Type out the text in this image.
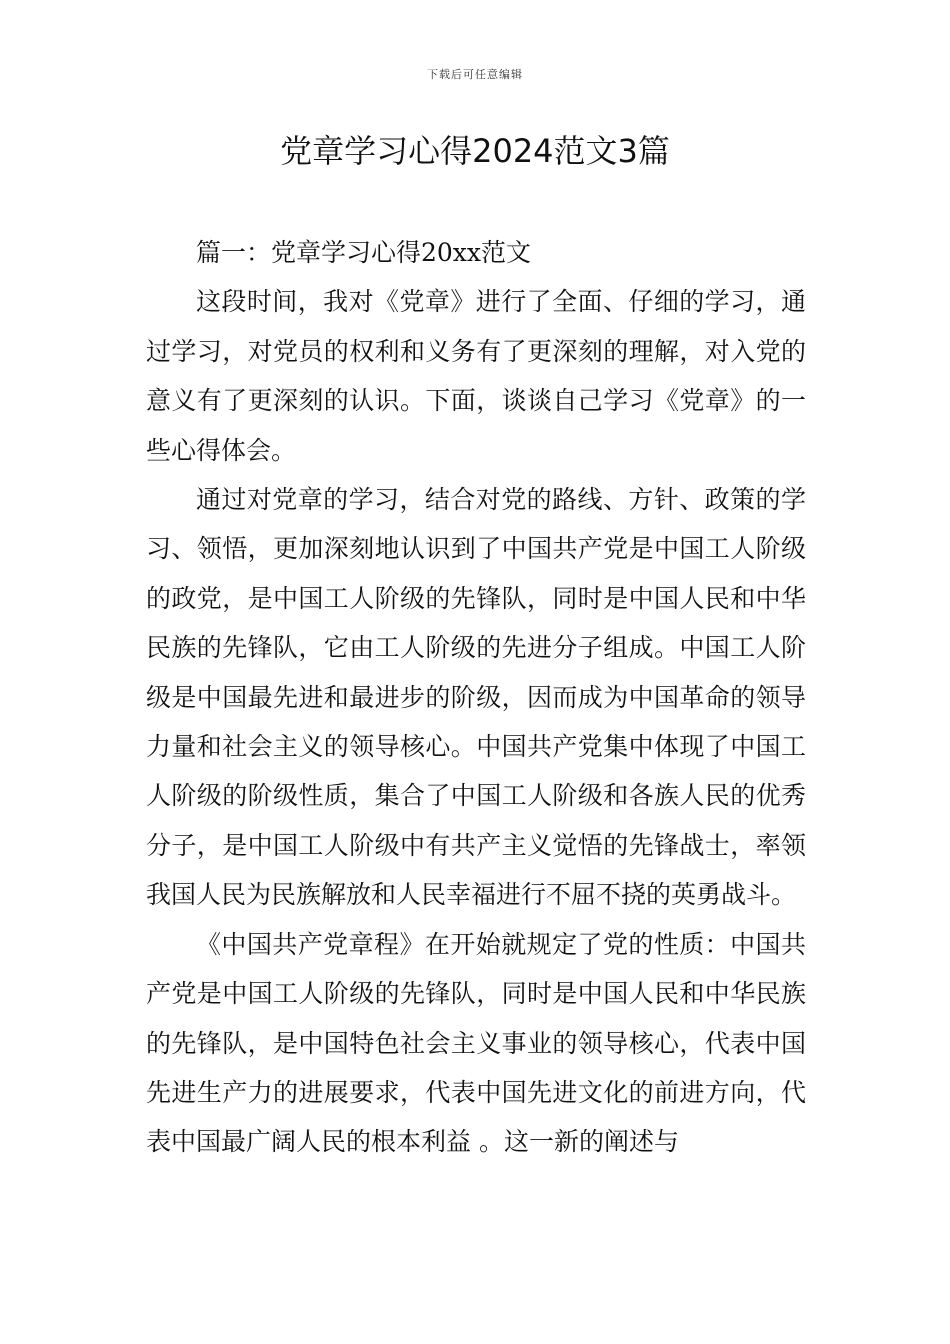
下载后可任意编辑
党章学习心得2024范文3篇

篇一：党章学习心得20xx范文

这段时间，我对《党章》进行了全面、仔细的学习，通过学习，对党员的权利和义务有了更深刻的理解，对入党的意义有了更深刻的认识。下面，谈谈自己学习《党章》的一些心得体会。

通过对党章的学习，结合对党的路线、方针、政策的学习、领悟，更加深刻地认识到了中国共产党是中国工人阶级的政党，是中国工人阶级的先锋队，同时是中国人民和中华民族的先锋队，它由工人阶级的先进分子组成。中国工人阶级是中国最先进和最进步的阶级，因而成为中国革命的领导力量和社会主义的领导核心。中国共产党集中体现了中国工人阶级的阶级性质，集合了中国工人阶级和各族人民的优秀分子，是中国工人阶级中有共产主义觉悟的先锋战士，率领我国人民为民族解放和人民幸福进行不屈不挠的英勇战斗。

《中国共产党章程》在开始就规定了党的性质：中国共产党是中国工人阶级的先锋队，同时是中国人民和中华民族的先锋队，是中国特色社会主义事业的领导核心，代表中国先进生产力的进展要求，代表中国先进文化的前进方向，代表中国最广阔人民的根本利益 。这一新的阐述与
